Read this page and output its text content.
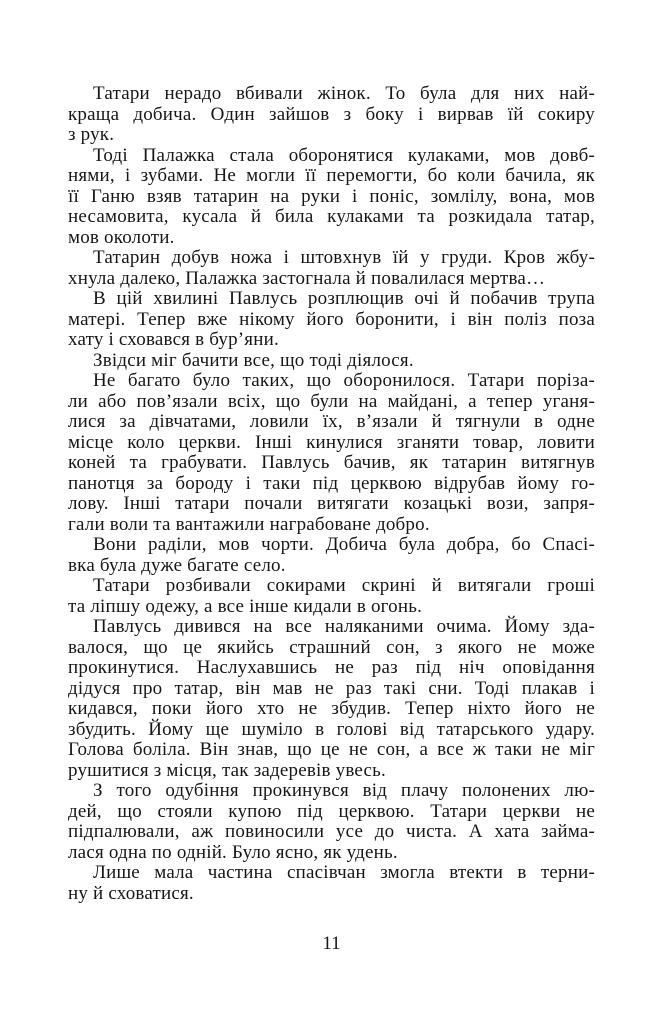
Татари нерадо вбивали жінок. То була для них най-
краща добича. Один зайшов з боку і вирвав їй сокиру
з рук.
Тоді Палажка стала оборонятися кулаками, мов довб-
нями, і зубами. Не могли її перемогти, бо коли бачила, як
її Ганю взяв татарин на руки і поніс, зомлілу, вона, мов
несамовита, кусала й била кулаками та розкидала татар,
мов околоти.
Татарин добув ножа і штовхнув їй у груди. Кров жбу-
хнула далеко, Палажка застогнала й повалилася мертва…
В цій хвилині Павлусь розплющив очі й побачив трупа
матері. Тепер вже нікому його боронити, і він поліз поза
хату і сховався в бур’яни.
Звідси міг бачити все, що тоді діялося.
Не багато було таких, що оборонилося. Татари поріза-
ли або пов’язали всіх, що були на майдані, а тепер уганя-
лися за дівчатами, ловили їх, в’язали й тягнули в одне
місце коло церкви. Інші кинулися зганяти товар, ловити
коней та грабувати. Павлусь бачив, як татарин витягнув
панотця за бороду і таки під церквою відрубав йому го-
лову. Інші татари почали витягати козацькі вози, запря-
гали воли та вантажили награбоване добро.
Вони раділи, мов чорти. Добича була добра, бо Спасі-
вка була дуже багате село.
Татари розбивали сокирами скрині й витягали гроші
та ліпшу одежу, а все інше кидали в огонь.
Павлусь дивився на все наляканими очима. Йому зда-
валося, що це якийсь страшний сон, з якого не може
прокинутися. Наслухавшись не раз під ніч оповідання
дідуся про татар, він мав не раз такі сни. Тоді плакав і
кидався, поки його хто не збудив. Тепер ніхто його не
збудить. Йому ще шуміло в голові від татарського удару.
Голова боліла. Він знав, що це не сон, а все ж таки не міг
рушитися з місця, так задеревів увесь.
З того одубіння прокинувся від плачу полонених лю-
дей, що стояли купою під церквою. Татари церкви не
підпалювали, аж повиносили усе до чиста. А хата займа-
лася одна по одній. Було ясно, як удень.
Лише мала частина спасівчан змогла втекти в терни-
ну й сховатися.
11
